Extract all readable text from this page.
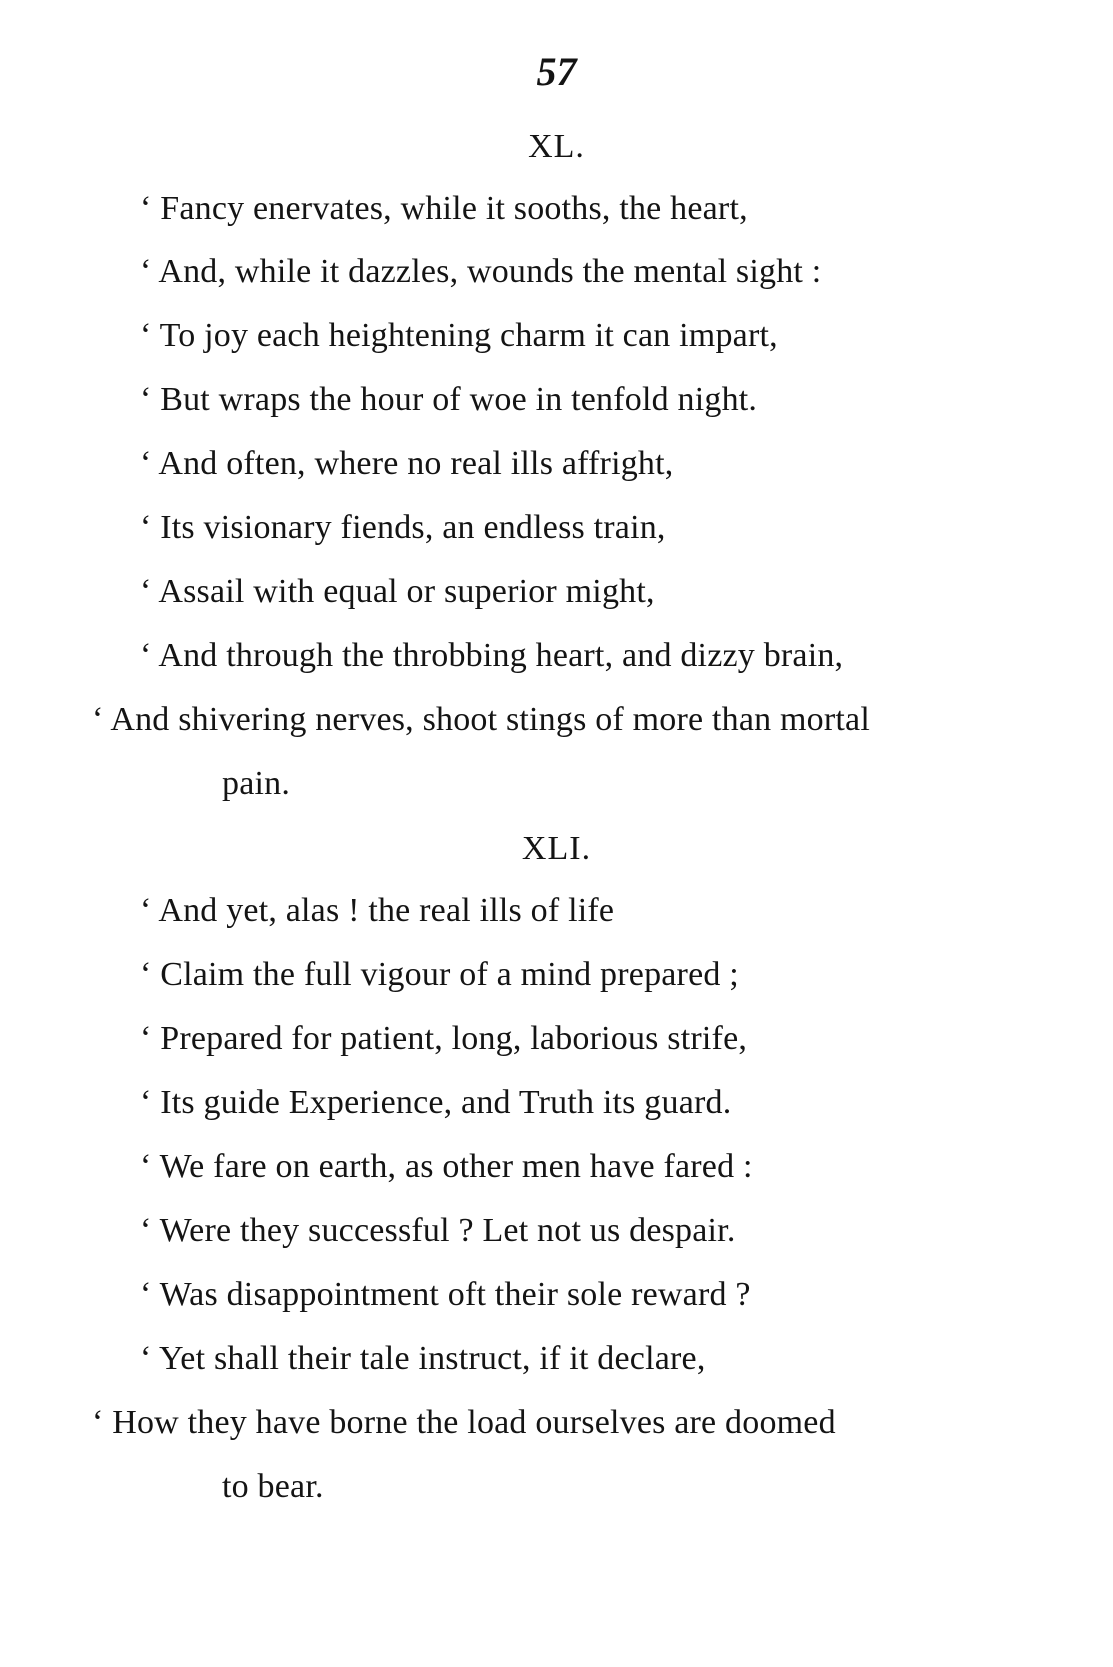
57
XL.
‘ Fancy enervates, while it sooths, the heart,
‘ And, while it dazzles, wounds the mental sight :
‘ To joy each heightening charm it can impart,
‘ But wraps the hour of woe in tenfold night.
‘ And often, where no real ills affright,
‘ Its visionary fiends, an endless train,
‘ Assail with equal or superior might,
‘ And through the throbbing heart, and dizzy brain,
‘ And shivering nerves, shoot stings of more than mortal
pain.
XLI.
‘ And yet, alas ! the real ills of life
‘ Claim the full vigour of a mind prepared ;
‘ Prepared for patient, long, laborious strife,
‘ Its guide Experience, and Truth its guard.
‘ We fare on earth, as other men have fared :
‘ Were they successful ? Let not us despair.
‘ Was disappointment oft their sole reward ?
‘ Yet shall their tale instruct, if it declare,
‘ How they have borne the load ourselves are doomed
to bear.
